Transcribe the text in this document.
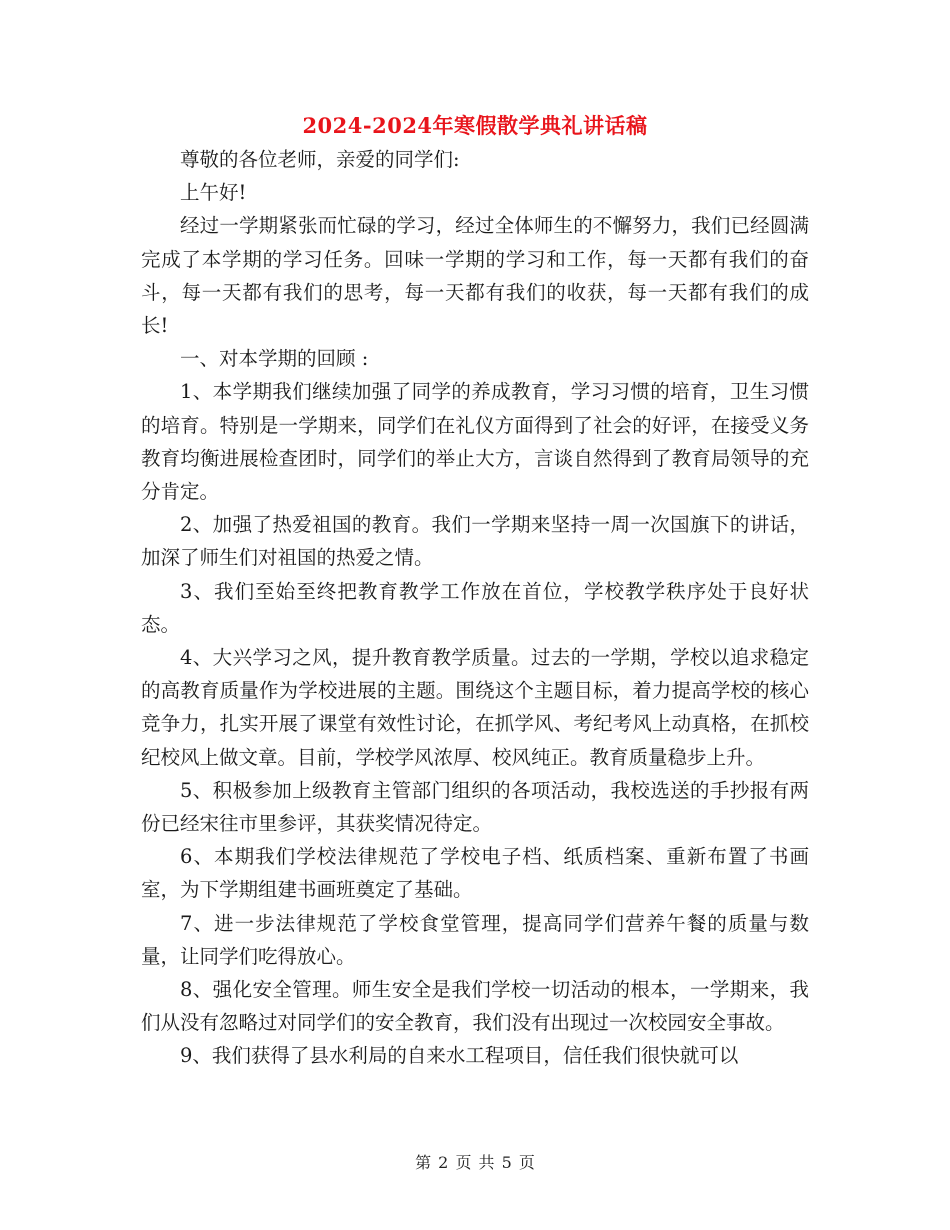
2024-2024年寒假散学典礼讲话稿

尊敬的各位老师，亲爱的同学们:

上午好!

经过一学期紧张而忙碌的学习，经过全体师生的不懈努力，我们已经圆满完成了本学期的学习任务。回味一学期的学习和工作，每一天都有我们的奋斗，每一天都有我们的思考，每一天都有我们的收获，每一天都有我们的成长!

一、对本学期的回顾 :

1、本学期我们继续加强了同学的养成教育，学习习惯的培育，卫生习惯的培育。特别是一学期来，同学们在礼仪方面得到了社会的好评，在接受义务教育均衡进展检查团时，同学们的举止大方，言谈自然得到了教育局领导的充分肯定。

2、加强了热爱祖国的教育。我们一学期来坚持一周一次国旗下的讲话，加深了师生们对祖国的热爱之情。

3、我们至始至终把教育教学工作放在首位，学校教学秩序处于良好状态。

4、大兴学习之风，提升教育教学质量。过去的一学期，学校以追求稳定的高教育质量作为学校进展的主题。围绕这个主题目标，着力提高学校的核心竞争力，扎实开展了课堂有效性讨论，在抓学风、考纪考风上动真格，在抓校纪校风上做文章。目前，学校学风浓厚、校风纯正。教育质量稳步上升。

5、积极参加上级教育主管部门组织的各项活动，我校选送的手抄报有两份已经宋往市里参评，其获奖情况待定。

6、本期我们学校法律规范了学校电子档、纸质档案、重新布置了书画室，为下学期组建书画班奠定了基础。

7、进一步法律规范了学校食堂管理，提高同学们营养午餐的质量与数量，让同学们吃得放心。

8、强化安全管理。师生安全是我们学校一切活动的根本，一学期来，我们从没有忽略过对同学们的安全教育，我们没有出现过一次校园安全事故。

9、我们获得了县水利局的自来水工程项目，信任我们很快就可以

第 2 页 共 5 页
